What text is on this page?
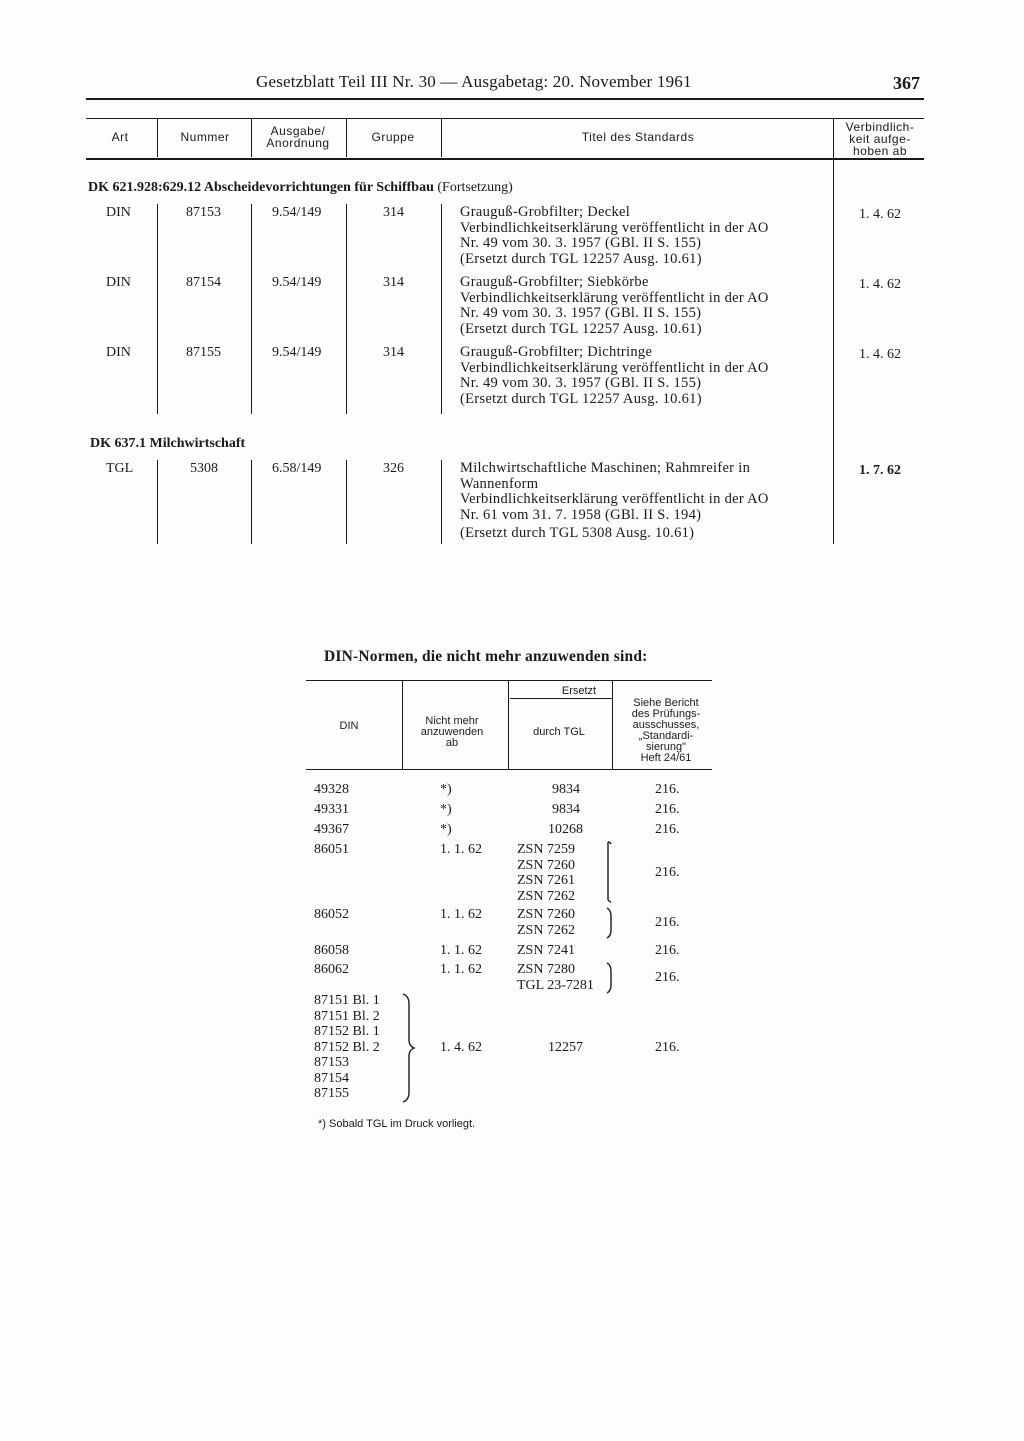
Gesetzblatt Teil III Nr. 30 — Ausgabetag: 20. November 1961	367
Art	Nummer	Ausgabe/
Anordnung	Gruppe	Titel des Standards
Verbindlich-
keit aufge-
hoben ab
DK 621.928:629.12 Abscheidevorrichtungen für Schiffbau (Fortsetzung)
DIN	87153	9.54/149	314	Grauguß-Grobfilter; Deckel
Verbindlichkeitserklärung veröffentlicht in der AO
Nr. 49 vom 30. 3. 1957 (GBl. II S. 155)
(Ersetzt durch TGL 12257 Ausg. 10.61)
1. 4. 62
DIN	87154	9.54/149	314	Grauguß-Grobfilter; Siebkörbe
Verbindlichkeitserklärung veröffentlicht in der AO
Nr. 49 vom 30. 3. 1957 (GBl. II S. 155)
(Ersetzt durch TGL 12257 Ausg. 10.61)
1. 4. 62
DIN	87155	9.54/149	314	Grauguß-Grobfilter; Dichtringe
Verbindlichkeitserklärung veröffentlicht in der AO
Nr. 49 vom 30. 3. 1957 (GBl. II S. 155)
(Ersetzt durch TGL 12257 Ausg. 10.61)
1. 4. 62
DK 637.1 Milchwirtschaft
TGL	5308	6.58/149	326	Milchwirtschaftliche Maschinen; Rahmreifer in
Wannenform
Verbindlichkeitserklärung veröffentlicht in der AO
Nr. 61 vom 31. 7. 1958 (GBl. II S. 194)
(Ersetzt durch TGL 5308 Ausg. 10.61)
1. 7. 62
DIN-Normen, die nicht mehr anzuwenden sind:
DIN	Nicht mehr
anzuwenden
ab
Ersetzt
durch TGL
Siehe Bericht
des Prüfungs-
ausschusses,
„Standardi-
sierung"
Heft 24/61
49328	*)	9834	216.
49331	*)	9834	216.
49367	*)	10268	216.
86051	1. 1. 62	ZSN 7259
ZSN 7260
ZSN 7261
ZSN 7262
216.
86052	1. 1. 62	ZSN 7260
ZSN 7262	216.
86058	1. 1. 62	ZSN 7241	216.
86062	1. 1. 62	ZSN 7280
TGL 23-7281	216.
87151 Bl. 1
87151 Bl. 2
87152 Bl. 1
87152 Bl. 2
87153
87154
87155
1. 4. 62	12257	216.
*) Sobald TGL im Druck vorliegt.
